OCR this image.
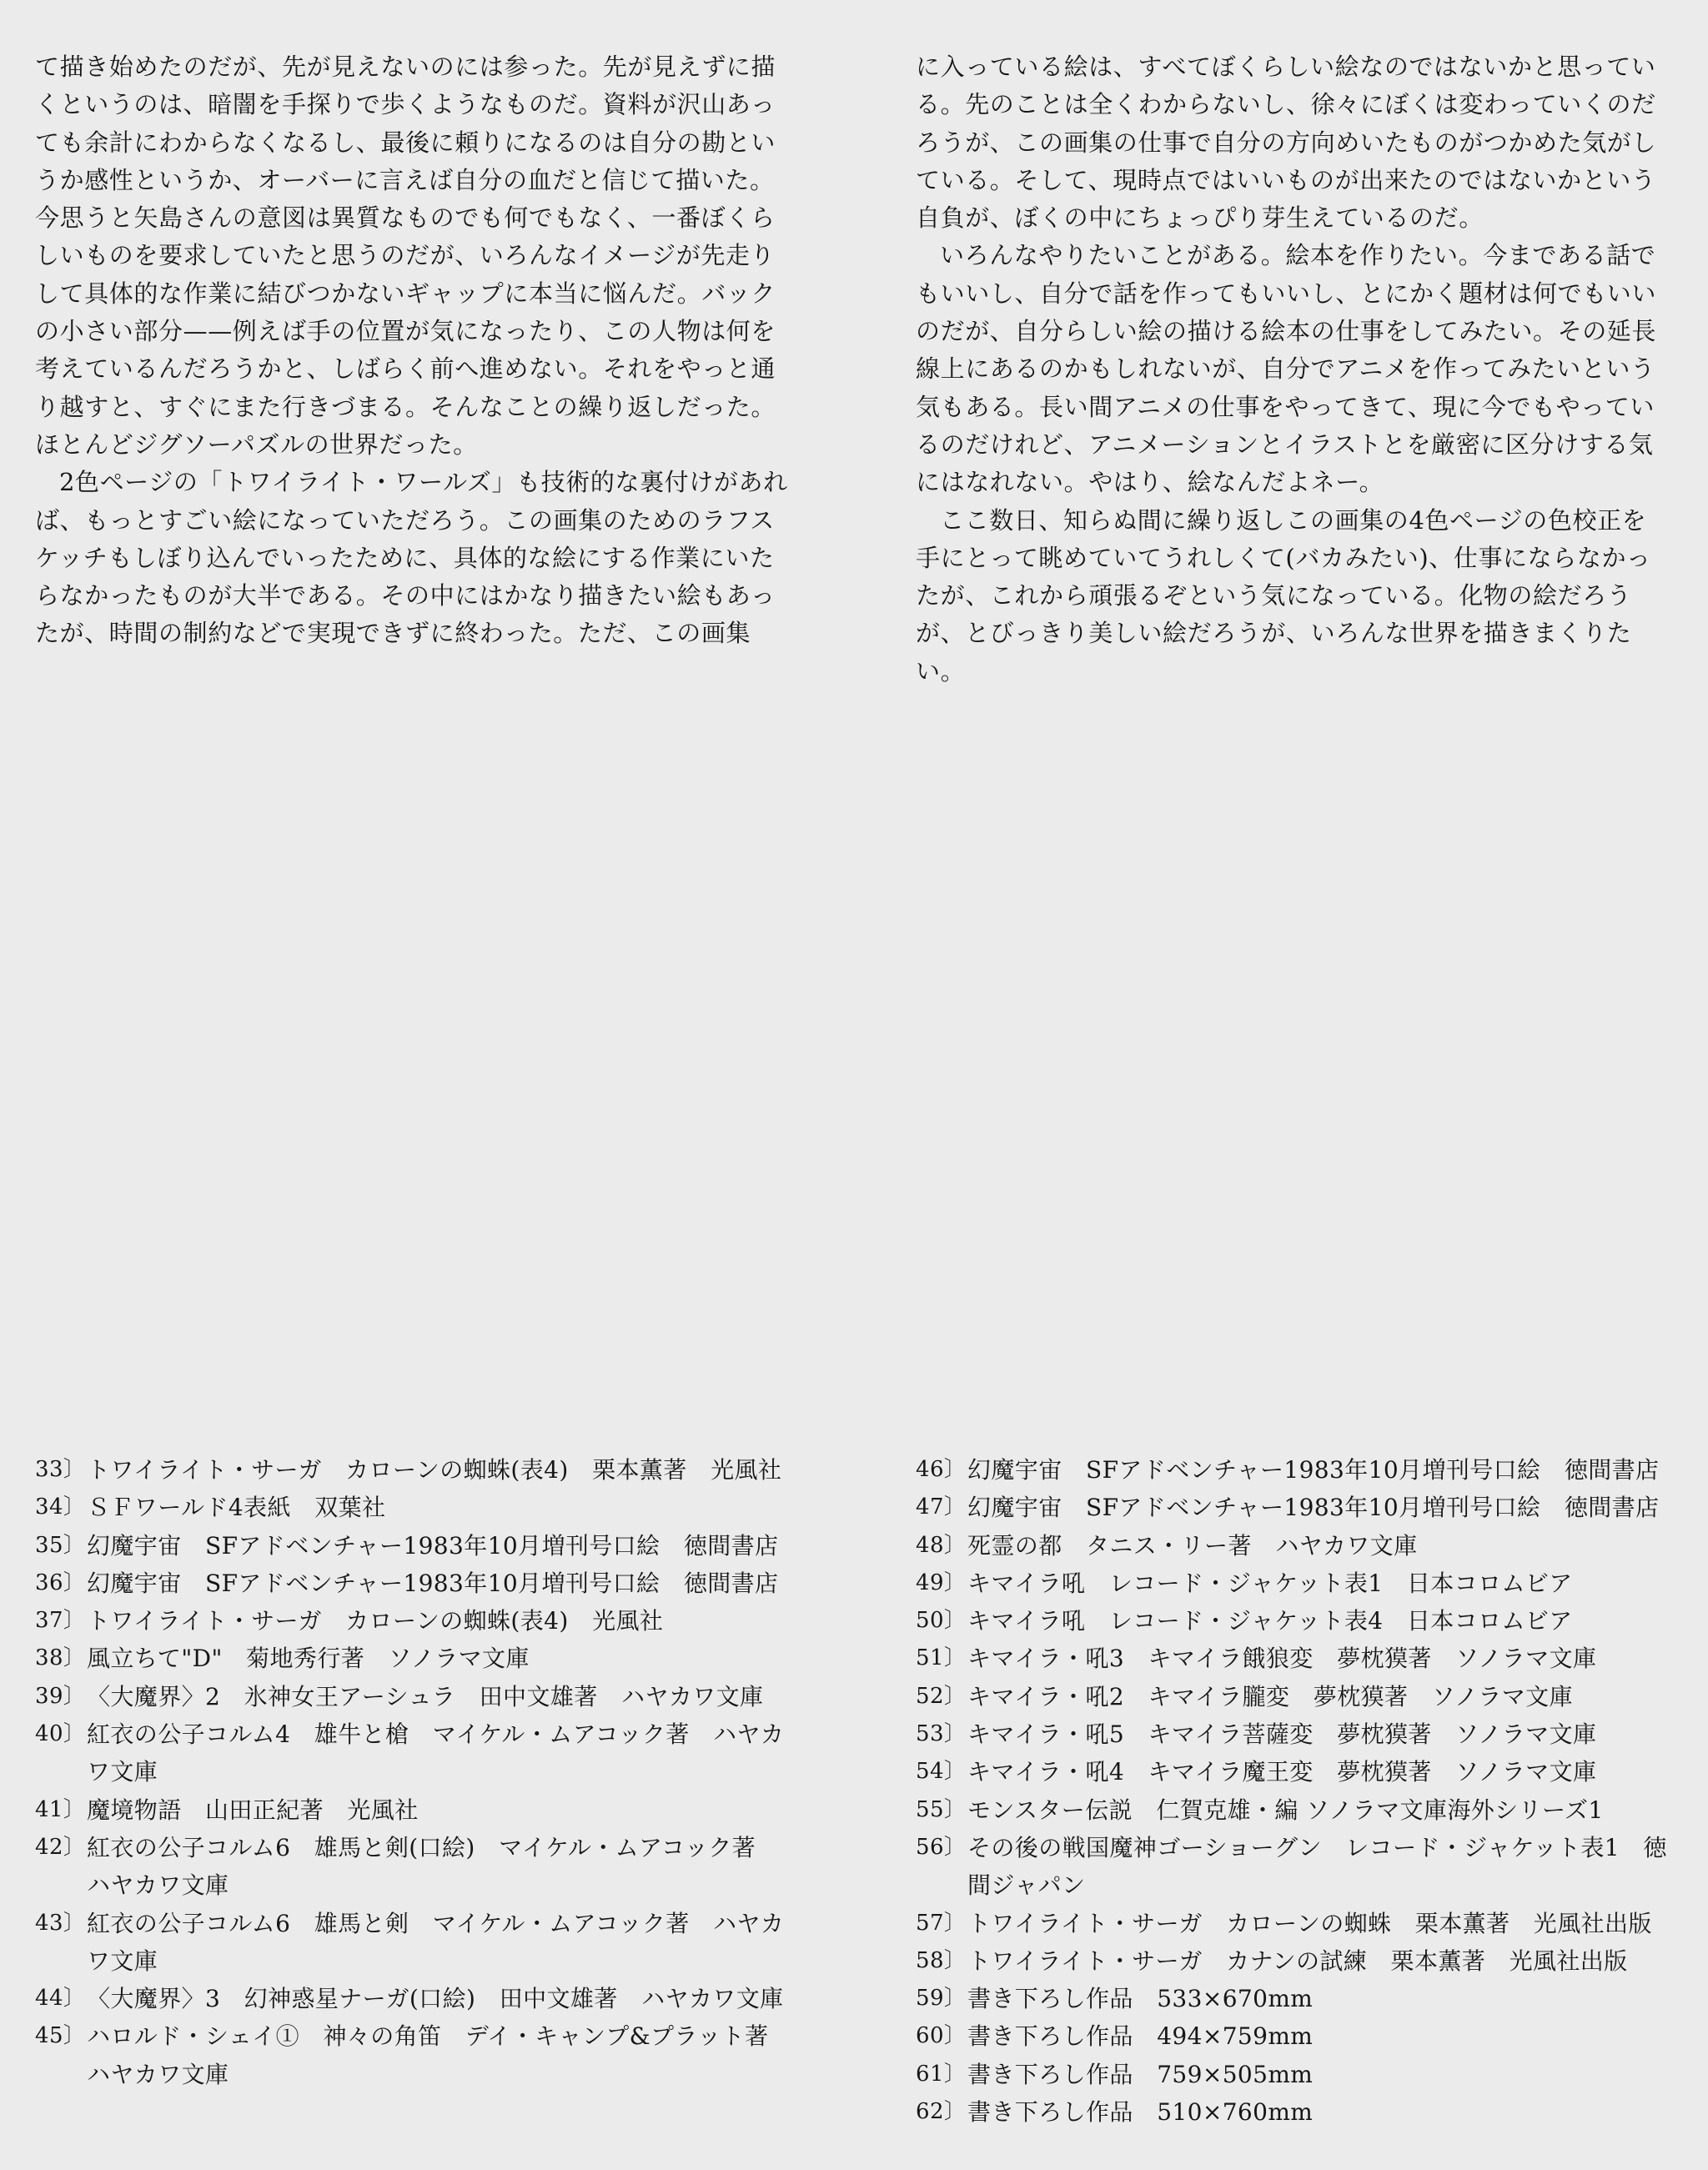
て描き始めたのだが、先が見えないのには参った。先が見えずに描くというのは、暗闇を手探りで歩くようなものだ。資料が沢山あっても余計にわからなくなるし、最後に頼りになるのは自分の勘というか感性というか、オーバーに言えば自分の血だと信じて描いた。今思うと矢島さんの意図は異質なものでも何でもなく、一番ぼくらしいものを要求していたと思うのだが、いろんなイメージが先走りして具体的な作業に結びつかないギャップに本当に悩んだ。バックの小さい部分——例えば手の位置が気になったり、この人物は何を考えているんだろうかと、しばらく前へ進めない。それをやっと通り越すと、すぐにまた行きづまる。そんなことの繰り返しだった。ほとんどジグソーパズルの世界だった。

2色ページの「トワイライト・ワールズ」も技術的な裏付けがあれば、もっとすごい絵になっていただろう。この画集のためのラフスケッチもしぼり込んでいったために、具体的な絵にする作業にいたらなかったものが大半である。その中にはかなり描きたい絵もあったが、時間の制約などで実現できずに終わった。ただ、この画集

に入っている絵は、すべてぼくらしい絵なのではないかと思っている。先のことは全くわからないし、徐々にぼくは変わっていくのだろうが、この画集の仕事で自分の方向めいたものがつかめた気がしている。そして、現時点ではいいものが出来たのではないかという自負が、ぼくの中にちょっぴり芽生えているのだ。

いろんなやりたいことがある。絵本を作りたい。今まである話でもいいし、自分で話を作ってもいいし、とにかく題材は何でもいいのだが、自分らしい絵の描ける絵本の仕事をしてみたい。その延長線上にあるのかもしれないが、自分でアニメを作ってみたいという気もある。長い間アニメの仕事をやってきて、現に今でもやっているのだけれど、アニメーションとイラストとを厳密に区分けする気にはなれない。やはり、絵なんだよネー。

ここ数日、知らぬ間に繰り返しこの画集の4色ページの色校正を手にとって眺めていてうれしくて(バカみたい)、仕事にならなかったが、これから頑張るぞという気になっている。化物の絵だろうが、とびっきり美しい絵だろうが、いろんな世界を描きまくりたい。

33〕 トワイライト・サーガ　カローンの蜘蛛(表4)　栗本薫著　光風社
34〕 ＳＦワールド4表紙　双葉社
35〕 幻魔宇宙　SFアドベンチャー1983年10月増刊号口絵　徳間書店
36〕 幻魔宇宙　SFアドベンチャー1983年10月増刊号口絵　徳間書店
37〕 トワイライト・サーガ　カローンの蜘蛛(表4)　光風社
38〕 風立ちて"D"　菊地秀行著　ソノラマ文庫
39〕 〈大魔界〉2　氷神女王アーシュラ　田中文雄著　ハヤカワ文庫
40〕 紅衣の公子コルム4　雄牛と槍　マイケル・ムアコック著　ハヤカワ文庫
41〕 魔境物語　山田正紀著　光風社
42〕 紅衣の公子コルム6　雄馬と剣(口絵)　マイケル・ムアコック著　ハヤカワ文庫
43〕 紅衣の公子コルム6　雄馬と剣　マイケル・ムアコック著　ハヤカワ文庫
44〕 〈大魔界〉3　幻神惑星ナーガ(口絵)　田中文雄著　ハヤカワ文庫
45〕 ハロルド・シェイ①　神々の角笛　デイ・キャンプ&プラット著　ハヤカワ文庫
46〕 幻魔宇宙　SFアドベンチャー1983年10月増刊号口絵　徳間書店
47〕 幻魔宇宙　SFアドベンチャー1983年10月増刊号口絵　徳間書店
48〕 死霊の都　タニス・リー著　ハヤカワ文庫
49〕 キマイラ吼　レコード・ジャケット表1　日本コロムビア
50〕 キマイラ吼　レコード・ジャケット表4　日本コロムビア
51〕 キマイラ・吼3　キマイラ餓狼変　夢枕獏著　ソノラマ文庫
52〕 キマイラ・吼2　キマイラ朧変　夢枕獏著　ソノラマ文庫
53〕 キマイラ・吼5　キマイラ菩薩変　夢枕獏著　ソノラマ文庫
54〕 キマイラ・吼4　キマイラ魔王変　夢枕獏著　ソノラマ文庫
55〕 モンスター伝説　仁賀克雄・編 ソノラマ文庫海外シリーズ1
56〕 その後の戦国魔神ゴーショーグン　レコード・ジャケット表1　徳間ジャパン
57〕 トワイライト・サーガ　カローンの蜘蛛　栗本薫著　光風社出版
58〕 トワイライト・サーガ　カナンの試練　栗本薫著　光風社出版
59〕 書き下ろし作品　533×670mm
60〕 書き下ろし作品　494×759mm
61〕 書き下ろし作品　759×505mm
62〕 書き下ろし作品　510×760mm
